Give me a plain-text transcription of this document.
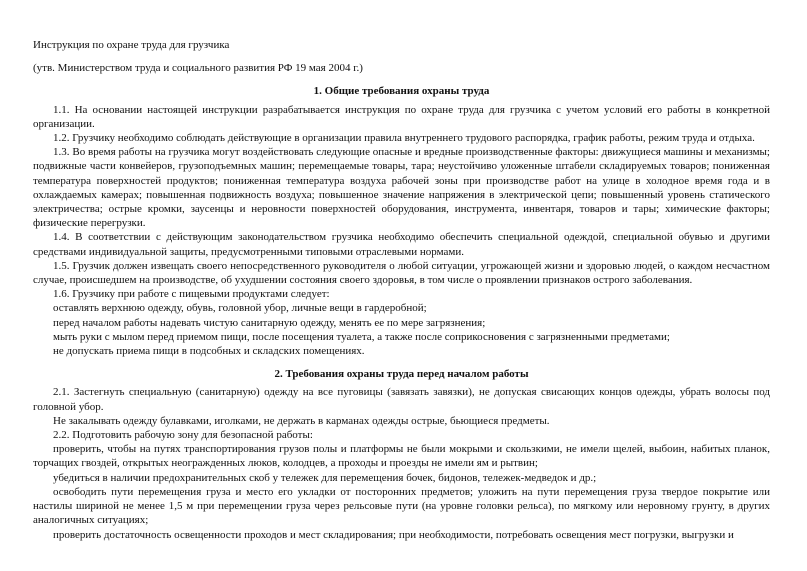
Инструкция по охране труда для грузчика

(утв. Министерством труда и социального развития РФ 19 мая 2004 г.)

1. Общие требования охраны труда

1.1. На основании настоящей инструкции разрабатывается инструкция по охране труда для грузчика с учетом условий его работы в конкретной организации.

1.2. Грузчику необходимо соблюдать действующие в организации правила внутреннего трудового распорядка, график работы, режим труда и отдыха.

1.3. Во время работы на грузчика могут воздействовать следующие опасные и вредные производственные факторы: движущиеся машины и механизмы; подвижные части конвейеров, грузоподъемных машин; перемещаемые товары, тара; неустойчиво уложенные штабели складируемых товаров; пониженная температура поверхностей продуктов; пониженная температура воздуха рабочей зоны при производстве работ на улице в холодное время года и в охлаждаемых камерах; повышенная подвижность воздуха; повышенное значение напряжения в электрической цепи; повышенный уровень статического электричества; острые кромки, заусенцы и неровности поверхностей оборудования, инструмента, инвентаря, товаров и тары; химические факторы; физические перегрузки.

1.4. В соответствии с действующим законодательством грузчика необходимо обеспечить специальной одеждой, специальной обувью и другими средствами индивидуальной защиты, предусмотренными типовыми отраслевыми нормами.

1.5. Грузчик должен извещать своего непосредственного руководителя о любой ситуации, угрожающей жизни и здоровью людей, о каждом несчастном случае, происшедшем на производстве, об ухудшении состояния своего здоровья, в том числе о проявлении признаков острого заболевания.

1.6. Грузчику при работе с пищевыми продуктами следует:

оставлять верхнюю одежду, обувь, головной убор, личные вещи в гардеробной;

перед началом работы надевать чистую санитарную одежду, менять ее по мере загрязнения;

мыть руки с мылом перед приемом пищи, после посещения туалета, а также после соприкосновения с загрязненными предметами;

не допускать приема пищи в подсобных и складских помещениях.

2. Требования охраны труда перед началом работы

2.1. Застегнуть специальную (санитарную) одежду на все пуговицы (завязать завязки), не допуская свисающих концов одежды, убрать волосы под головной убор.

Не закалывать одежду булавками, иголками, не держать в карманах одежды острые, бьющиеся предметы.

2.2. Подготовить рабочую зону для безопасной работы:

проверить, чтобы на путях транспортирования грузов полы и платформы не были мокрыми и скользкими, не имели щелей, выбоин, набитых планок, торчащих гвоздей, открытых неогражденных люков, колодцев, а проходы и проезды не имели ям и рытвин;

убедиться в наличии предохранительных скоб у тележек для перемещения бочек, бидонов, тележек-медведок и др.;

освободить пути перемещения груза и место его укладки от посторонних предметов; уложить на пути перемещения груза твердое покрытие или настилы шириной не менее 1,5 м при перемещении груза через рельсовые пути (на уровне головки рельса), по мягкому или неровному грунту, в других аналогичных ситуациях;

проверить достаточность освещенности проходов и мест складирования; при необходимости, потребовать освещения мест погрузки, выгрузки и
